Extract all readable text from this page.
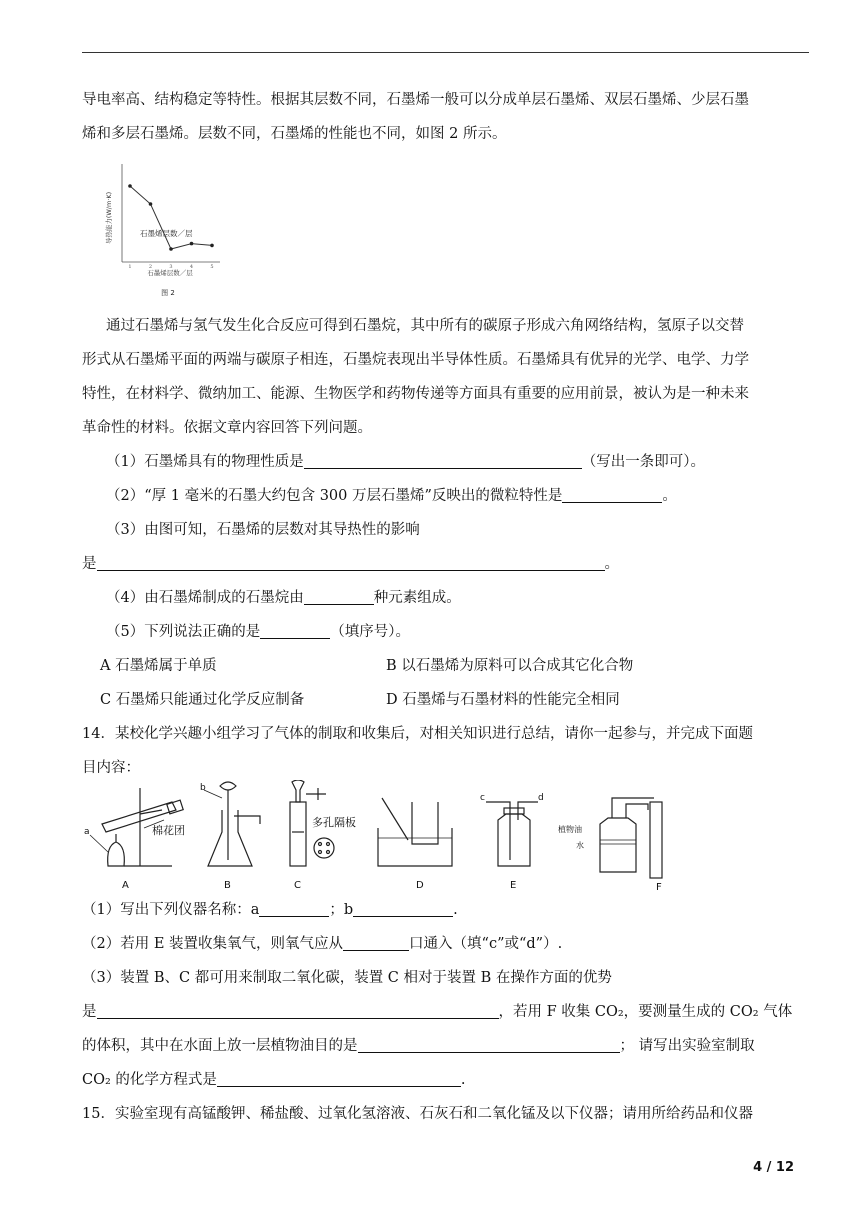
导电率高、结构稳定等特性。根据其层数不同，石墨烯一般可以分成单层石墨烯、双层石墨烯、少层石墨
烯和多层石墨烯。层数不同，石墨烯的性能也不同，如图 2 所示。
导热能力(W/m·K)	石墨烯层数／层
石墨烯层数／层
1	2	3	4	5
图 2
通过石墨烯与氢气发生化合反应可得到石墨烷，其中所有的碳原子形成六角网络结构，氢原子以交替
形式从石墨烯平面的两端与碳原子相连，石墨烷表现出半导体性质。石墨烯具有优异的光学、电学、力学
特性，在材料学、微纳加工、能源、生物医学和药物传递等方面具有重要的应用前景，被认为是一种未来
革命性的材料。依据文章内容回答下列问题。
（1）石墨烯具有的物理性质是	（写出一条即可）。
（2）“厚 1 毫米的石墨大约包含 300 万层石墨烯”反映出的微粒特性是	。
（3）由图可知，石墨烯的层数对其导热性的影响
是	。
（4）由石墨烯制成的石墨烷由	种元素组成。
（5）下列说法正确的是	（填序号）。
A 石墨烯属于单质	B 以石墨烯为原料可以合成其它化合物
C 石墨烯只能通过化学反应制备	D 石墨烯与石墨材料的性能完全相同
14．某校化学兴趣小组学习了气体的制取和收集后，对相关知识进行总结，请你一起参与，并完成下面题
目内容：
A	B	C	D	E	F
a
b
c	d
棉花团
多孔隔板
植物油
水
（1）写出下列仪器名称：a	；b	.
（2）若用 E 装置收集氧气，则氧气应从	口通入（填“c”或“d”）.
（3）装置 B、C 都可用来制取二氧化碳，装置 C 相对于装置 B 在操作方面的优势
是	，若用 F 收集 CO₂，要测量生成的 CO₂ 气体
的体积，其中在水面上放一层植物油目的是	； 请写出实验室制取
CO₂ 的化学方程式是	.
15．实验室现有高锰酸钾、稀盐酸、过氧化氢溶液、石灰石和二氧化锰及以下仪器；请用所给药品和仪器
4 / 12
